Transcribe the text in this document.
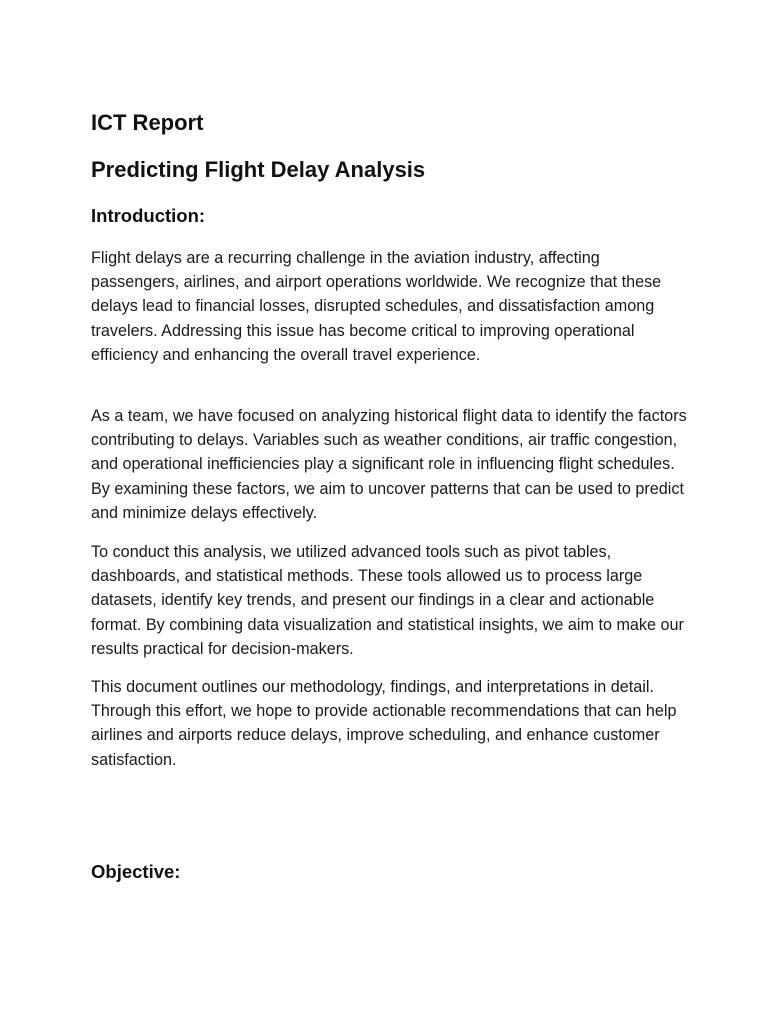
ICT Report
Predicting Flight Delay Analysis
Introduction:

Flight delays are a recurring challenge in the aviation industry, affecting passengers, airlines, and airport operations worldwide. We recognize that these delays lead to financial losses, disrupted schedules, and dissatisfaction among travelers. Addressing this issue has become critical to improving operational efficiency and enhancing the overall travel experience.

As a team, we have focused on analyzing historical flight data to identify the factors contributing to delays. Variables such as weather conditions, air traffic congestion, and operational inefficiencies play a significant role in influencing flight schedules. By examining these factors, we aim to uncover patterns that can be used to predict and minimize delays effectively.

To conduct this analysis, we utilized advanced tools such as pivot tables, dashboards, and statistical methods. These tools allowed us to process large datasets, identify key trends, and present our findings in a clear and actionable format. By combining data visualization and statistical insights, we aim to make our results practical for decision-makers.

This document outlines our methodology, findings, and interpretations in detail. Through this effort, we hope to provide actionable recommendations that can help airlines and airports reduce delays, improve scheduling, and enhance customer satisfaction.

Objective:
